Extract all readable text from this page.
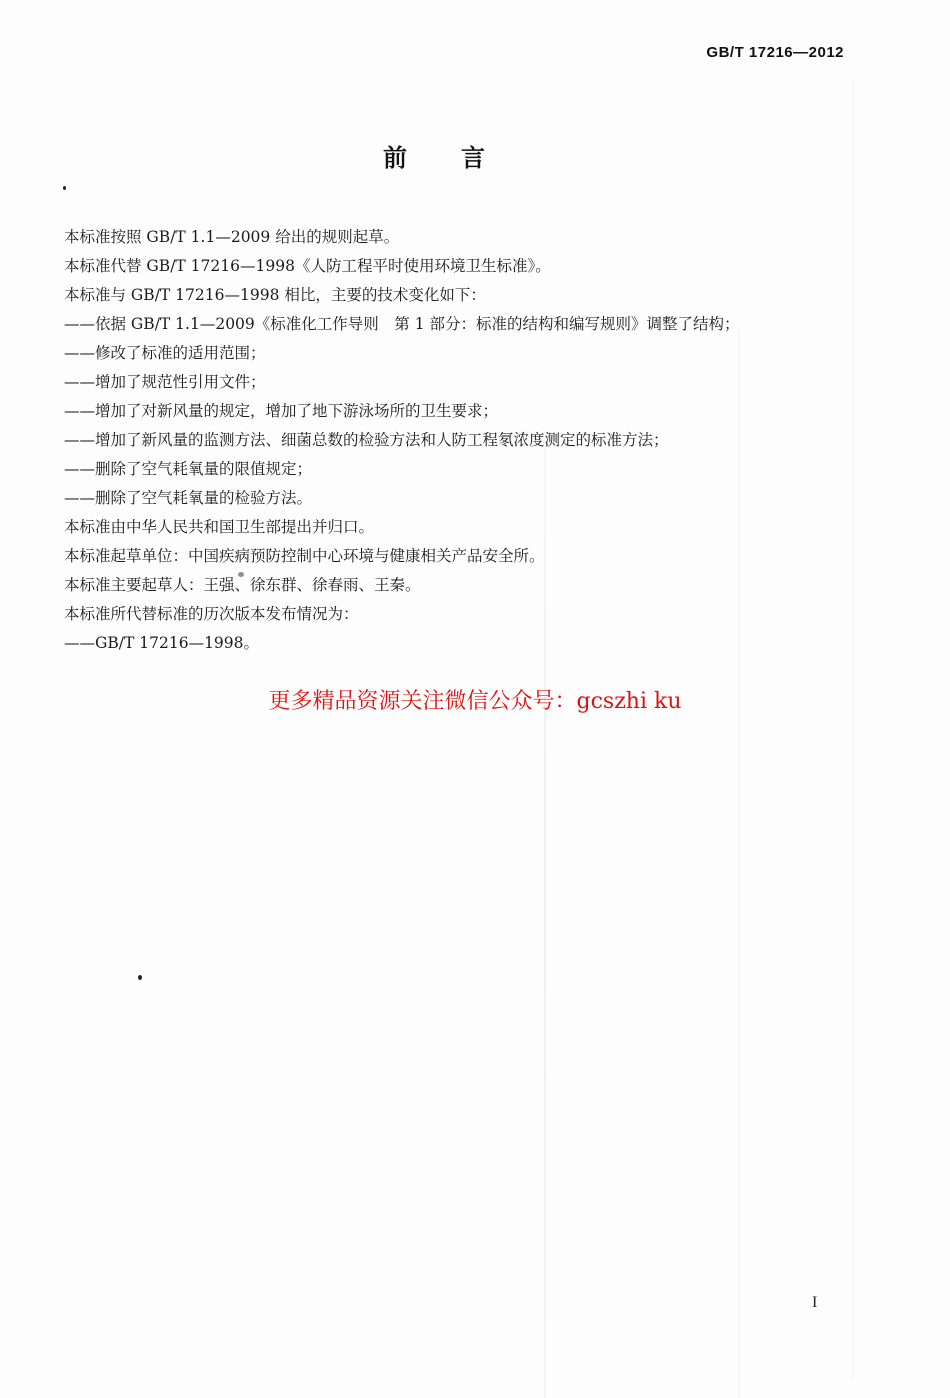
GB/T 17216—2012
前 言
本标准按照 GB/T 1.1—2009 给出的规则起草。
本标准代替 GB/T 17216—1998《人防工程平时使用环境卫生标准》。
本标准与 GB/T 17216—1998 相比，主要的技术变化如下：
——依据 GB/T 1.1—2009《标准化工作导则　第 1 部分：标准的结构和编写规则》调整了结构；
——修改了标准的适用范围；
——增加了规范性引用文件；
——增加了对新风量的规定，增加了地下游泳场所的卫生要求；
——增加了新风量的监测方法、细菌总数的检验方法和人防工程氡浓度测定的标准方法；
——删除了空气耗氧量的限值规定；
——删除了空气耗氧量的检验方法。
本标准由中华人民共和国卫生部提出并归口。
本标准起草单位：中国疾病预防控制中心环境与健康相关产品安全所。
本标准主要起草人：王强、徐东群、徐春雨、王秦。
本标准所代替标准的历次版本发布情况为：
——GB/T 17216—1998。
更多精品资源关注微信公众号：gcszhi ku
I
